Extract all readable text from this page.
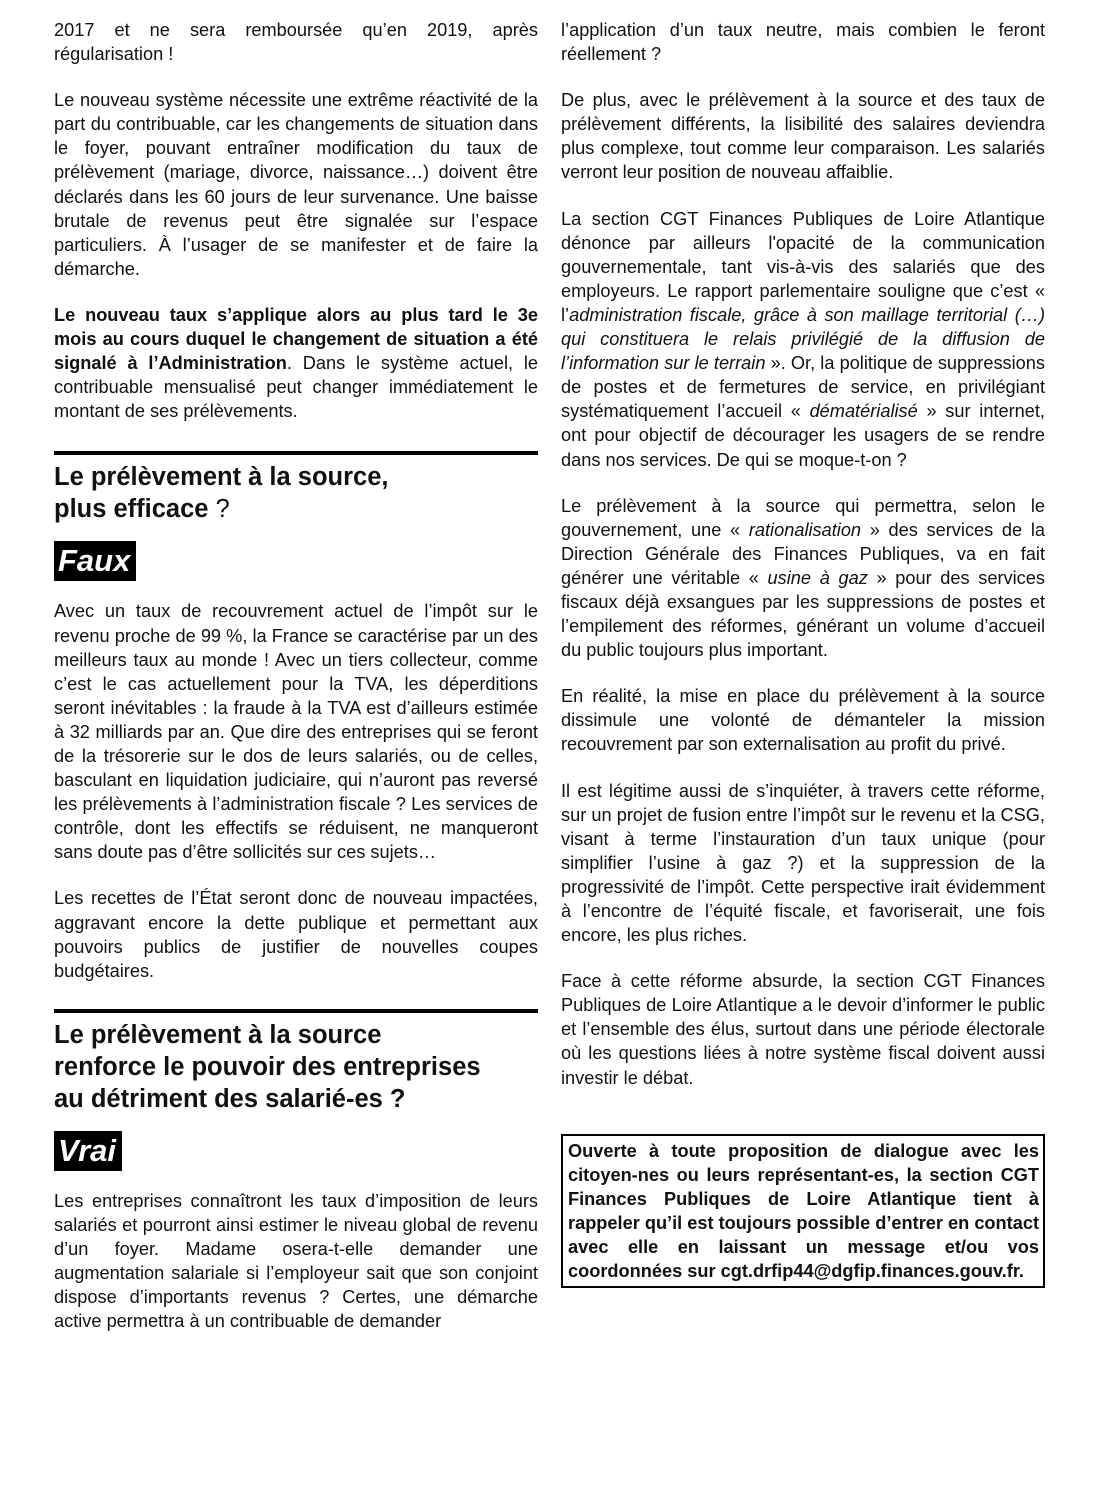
2017 et ne sera remboursée qu’en 2019, après régularisation !

Le nouveau système nécessite une extrême réactivité de la part du contribuable, car les changements de situation dans le foyer, pouvant entraîner modification du taux de prélèvement (mariage, divorce, naissance…) doivent être déclarés dans les 60 jours de leur survenance. Une baisse brutale de revenus peut être signalée sur l’espace particuliers. À l’usager de se manifester et de faire la démarche.

Le nouveau taux s’applique alors au plus tard le 3e mois au cours duquel le changement de situation a été signalé à l’Administration. Dans le système actuel, le contribuable mensualisé peut changer immédiatement le montant de ses prélèvements.

Le prélèvement à la source,
plus efficace ?
Faux

Avec un taux de recouvrement actuel de l’impôt sur le revenu proche de 99 %, la France se caractérise par un des meilleurs taux au monde ! Avec un tiers collecteur, comme c’est le cas actuellement pour la TVA, les déperditions seront inévitables : la fraude à la TVA est d’ailleurs estimée à 32 milliards par an. Que dire des entreprises qui se feront de la trésorerie sur le dos de leurs salariés, ou de celles, basculant en liquidation judiciaire, qui n’auront pas reversé les prélèvements à l’administration fiscale ? Les services de contrôle, dont les effectifs se réduisent, ne manqueront sans doute pas d’être sollicités sur ces sujets…

Les recettes de l’État seront donc de nouveau impactées, aggravant encore la dette publique et permettant aux pouvoirs publics de justifier de nouvelles coupes budgétaires.

Le prélèvement à la source
renforce le pouvoir des entreprises
au détriment des salarié-es ?
Vrai

Les entreprises connaîtront les taux d’imposition de leurs salariés et pourront ainsi estimer le niveau global de revenu d’un foyer. Madame osera-t-elle demander une augmentation salariale si l’employeur sait que son conjoint dispose d’importants revenus ? Certes, une démarche active permettra à un contribuable de demander

l’application d’un taux neutre, mais combien le feront réellement ?

De plus, avec le prélèvement à la source et des taux de prélèvement différents, la lisibilité des salaires deviendra plus complexe, tout comme leur comparaison. Les salariés verront leur position de nouveau affaiblie.

La section CGT Finances Publiques de Loire Atlantique dénonce par ailleurs l'opacité de la communication gouvernementale, tant vis-à-vis des salariés que des employeurs. Le rapport parlementaire souligne que c’est « l’administration fiscale, grâce à son maillage territorial (…) qui constituera le relais privilégié de la diffusion de l’information sur le terrain ». Or, la politique de suppressions de postes et de fermetures de service, en privilégiant systématiquement l’accueil « dématérialisé » sur internet, ont pour objectif de décourager les usagers de se rendre dans nos services. De qui se moque-t-on ?

Le prélèvement à la source qui permettra, selon le gouvernement, une « rationalisation » des services de la Direction Générale des Finances Publiques, va en fait générer une véritable « usine à gaz » pour des services fiscaux déjà exsangues par les suppressions de postes et l’empilement des réformes, générant un volume d’accueil du public toujours plus important.

En réalité, la mise en place du prélèvement à la source dissimule une volonté de démanteler la mission recouvrement par son externalisation au profit du privé.

Il est légitime aussi de s’inquiéter, à travers cette réforme, sur un projet de fusion entre l’impôt sur le revenu et la CSG, visant à terme l’instauration d’un taux unique (pour simplifier l’usine à gaz ?) et la suppression de la progressivité de l’impôt. Cette perspective irait évidemment à l’encontre de l’équité fiscale, et favoriserait, une fois encore, les plus riches.

Face à cette réforme absurde, la section CGT Finances Publiques de Loire Atlantique a le devoir d’informer le public et l’ensemble des élus, surtout dans une période électorale où les questions liées à notre système fiscal doivent aussi investir le débat.

Ouverte à toute proposition de dialogue avec les citoyen-nes ou leurs représentant-es, la section CGT Finances Publiques de Loire Atlantique tient à rappeler qu’il est toujours possible d’entrer en contact avec elle en laissant un message et/ou vos coordonnées sur cgt.drfip44@dgfip.finances.gouv.fr.
